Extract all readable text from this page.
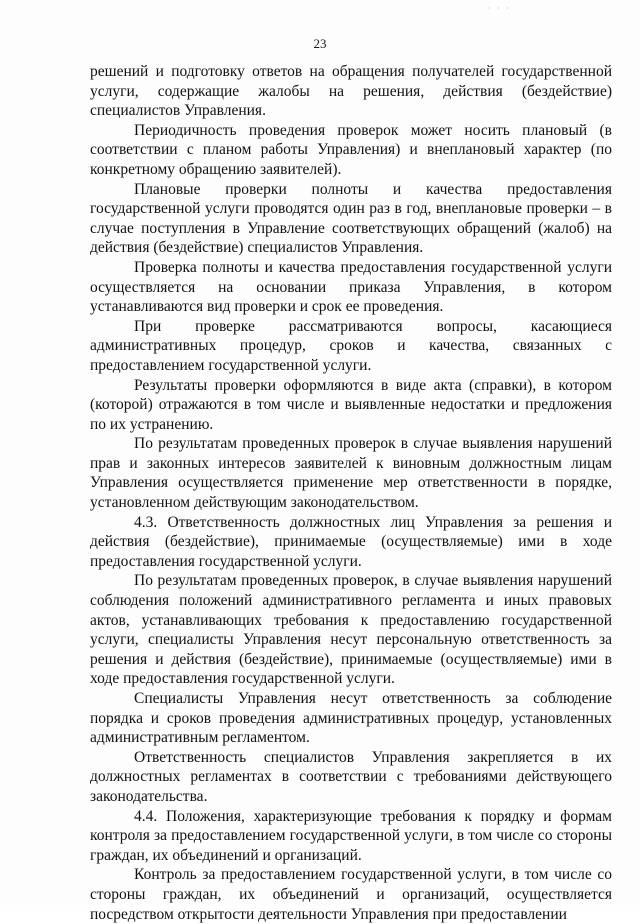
· · ·
23

решений и подготовку ответов на обращения получателей государственной услуги, содержащие жалобы на решения, действия (бездействие) специалистов Управления.

Периодичность проведения проверок может носить плановый (в соответствии с планом работы Управления) и внеплановый характер (по конкретному обращению заявителей).

Плановые проверки полноты и качества предоставления государственной услуги проводятся один раз в год, внеплановые проверки – в случае поступления в Управление соответствующих обращений (жалоб) на действия (бездействие) специалистов Управления.

Проверка полноты и качества предоставления государственной услуги осуществляется на основании приказа Управления, в котором устанавливаются вид проверки и срок ее проведения.

При проверке рассматриваются вопросы, касающиеся административных процедур, сроков и качества, связанных с предоставлением государственной услуги.

Результаты проверки оформляются в виде акта (справки), в котором (которой) отражаются в том числе и выявленные недостатки и предложения по их устранению.

По результатам проведенных проверок в случае выявления нарушений прав и законных интересов заявителей к виновным должностным лицам Управления осуществляется применение мер ответственности в порядке, установленном действующим законодательством.

4.3. Ответственность должностных лиц Управления за решения и действия (бездействие), принимаемые (осуществляемые) ими в ходе предоставления государственной услуги.

По результатам проведенных проверок, в случае выявления нарушений соблюдения положений административного регламента и иных правовых актов, устанавливающих требования к предоставлению государственной услуги, специалисты Управления несут персональную ответственность за решения и действия (бездействие), принимаемые (осуществляемые) ими в ходе предоставления государственной услуги.

Специалисты Управления несут ответственность за соблюдение порядка и сроков проведения административных процедур, установленных административным регламентом.

Ответственность специалистов Управления закрепляется в их должностных регламентах в соответствии с требованиями действующего законодательства.

4.4. Положения, характеризующие требования к порядку и формам контроля за предоставлением государственной услуги, в том числе со стороны граждан, их объединений и организаций.

Контроль за предоставлением государственной услуги, в том числе со стороны граждан, их объединений и организаций, осуществляется посредством открытости деятельности Управления при предоставлении
